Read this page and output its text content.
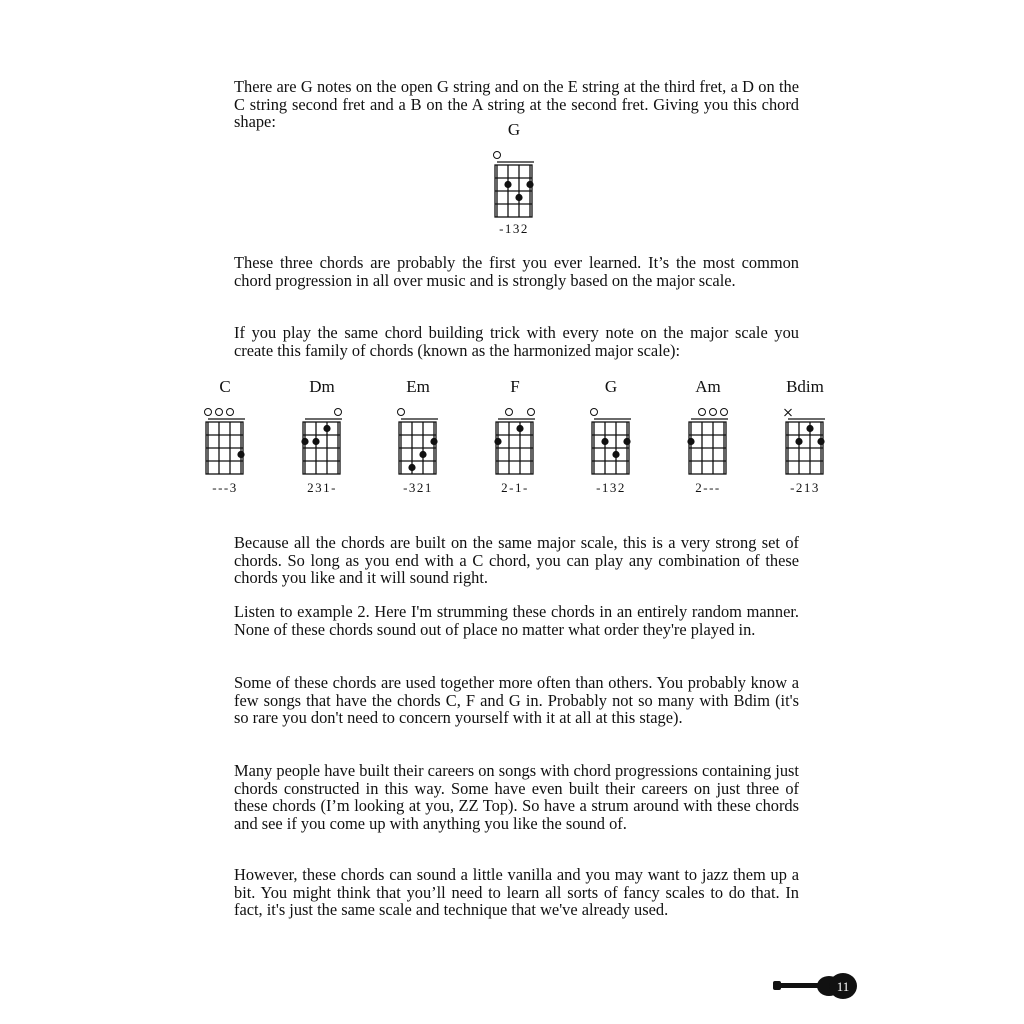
There are G notes on the open G string and on the E string at the third fret, a D on the C string second fret and a B on the A string at the second fret. Giving you this chord shape:	G
-132

These three chords are probably the first you ever learned. It’s the most common chord progression in all over music and is strongly based on the major scale.

If you play the same chord building trick with every note on the major scale you create this family of chords (known as the harmonized major scale):

C
---3
Dm
231-
Em
-321
F
2-1-
G
-132
Am
2---
Bdim
-213

Because all the chords are built on the same major scale, this is a very strong set of chords. So long as you end with a C chord, you can play any combination of these chords you like and it will sound right.

Listen to example 2. Here I'm strumming these chords in an entirely random manner. None of these chords sound out of place no matter what order they're played in.

Some of these chords are used together more often than others. You probably know a few songs that have the chords C, F and G in. Probably not so many with Bdim (it's so rare you don't need to concern yourself with it at all at this stage).

Many people have built their careers on songs with chord progressions containing just chords constructed in this way. Some have even built their careers on just three of these chords (I’m looking at you, ZZ Top). So have a strum around with these chords and see if you come up with anything you like the sound of.

However, these chords can sound a little vanilla and you may want to jazz them up a bit. You might think that you’ll need to learn all sorts of fancy scales to do that. In fact, it's just the same scale and technique that we've already used.

11
